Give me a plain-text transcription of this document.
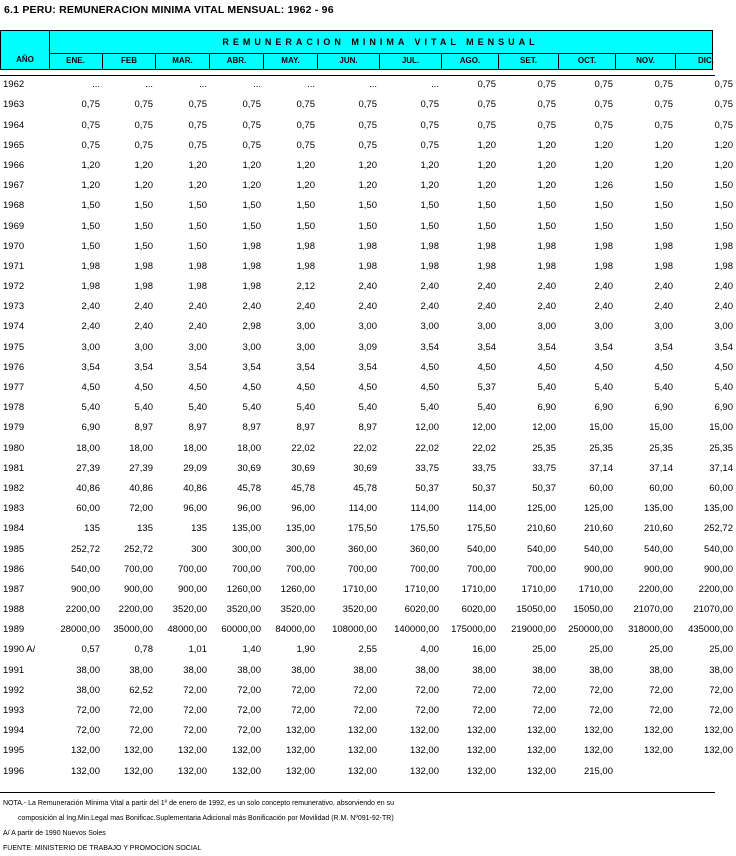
6.1 PERU: REMUNERACION MINIMA VITAL MENSUAL: 1962 - 96
AÑO
REMUNERACION MINIMA VITAL MENSUAL
ENE.	FEB	MAR.	ABR.	MAY.	JUN.	JUL.	AGO.	SET.	OCT.	NOV.	DIC.
1962	...	...	...	...	...	...	...	0,75	0,75	0,75	0,75	0,75
1963	0,75	0,75	0,75	0,75	0,75	0,75	0,75	0,75	0,75	0,75	0,75	0,75
1964	0,75	0,75	0,75	0,75	0,75	0,75	0,75	0,75	0,75	0,75	0,75	0,75
1965	0,75	0,75	0,75	0,75	0,75	0,75	0,75	1,20	1,20	1,20	1,20	1,20
1966	1,20	1,20	1,20	1,20	1,20	1,20	1,20	1,20	1,20	1,20	1,20	1,20
1967	1,20	1,20	1,20	1,20	1,20	1,20	1,20	1,20	1,20	1,26	1,50	1,50
1968	1,50	1,50	1,50	1,50	1,50	1,50	1,50	1,50	1,50	1,50	1,50	1,50
1969	1,50	1,50	1,50	1,50	1,50	1,50	1,50	1,50	1,50	1,50	1,50	1,50
1970	1,50	1,50	1,50	1,98	1,98	1,98	1,98	1,98	1,98	1,98	1,98	1,98
1971	1,98	1,98	1,98	1,98	1,98	1,98	1,98	1,98	1,98	1,98	1,98	1,98
1972	1,98	1,98	1,98	1,98	2,12	2,40	2,40	2,40	2,40	2,40	2,40	2,40
1973	2,40	2,40	2,40	2,40	2,40	2,40	2,40	2,40	2,40	2,40	2,40	2,40
1974	2,40	2,40	2,40	2,98	3,00	3,00	3,00	3,00	3,00	3,00	3,00	3,00
1975	3,00	3,00	3,00	3,00	3,00	3,09	3,54	3,54	3,54	3,54	3,54	3,54
1976	3,54	3,54	3,54	3,54	3,54	3,54	4,50	4,50	4,50	4,50	4,50	4,50
1977	4,50	4,50	4,50	4,50	4,50	4,50	4,50	5,37	5,40	5,40	5,40	5,40
1978	5,40	5,40	5,40	5,40	5,40	5,40	5,40	5,40	6,90	6,90	6,90	6,90
1979	6,90	8,97	8,97	8,97	8,97	8,97	12,00	12,00	12,00	15,00	15,00	15,00
1980	18,00	18,00	18,00	18,00	22,02	22,02	22,02	22,02	25,35	25,35	25,35	25,35
1981	27,39	27,39	29,09	30,69	30,69	30,69	33,75	33,75	33,75	37,14	37,14	37,14
1982	40,86	40,86	40,86	45,78	45,78	45,78	50,37	50,37	50,37	60,00	60,00	60,00
1983	60,00	72,00	96,00	96,00	96,00	114,00	114,00	114,00	125,00	125,00	135,00	135,00
1984	135	135	135	135,00	135,00	175,50	175,50	175,50	210,60	210,60	210,60	252,72
1985	252,72	252,72	300	300,00	300,00	360,00	360,00	540,00	540,00	540,00	540,00	540,00
1986	540,00	700,00	700,00	700,00	700,00	700,00	700,00	700,00	700,00	900,00	900,00	900,00
1987	900,00	900,00	900,00	1260,00	1260,00	1710,00	1710,00	1710,00	1710,00	1710,00	2200,00	2200,00
1988	2200,00	2200,00	3520,00	3520,00	3520,00	3520,00	6020,00	6020,00	15050,00	15050,00	21070,00	21070,00
1989	28000,00	35000,00	48000,00	60000,00	84000,00	108000,00	140000,00	175000,00	219000,00	250000,00	318000,00	435000,00
1990 A/	0,57	0,78	1,01	1,40	1,90	2,55	4,00	16,00	25,00	25,00	25,00	25,00
1991	38,00	38,00	38,00	38,00	38,00	38,00	38,00	38,00	38,00	38,00	38,00	38,00
1992	38,00	62,52	72,00	72,00	72,00	72,00	72,00	72,00	72,00	72,00	72,00	72,00
1993	72,00	72,00	72,00	72,00	72,00	72,00	72,00	72,00	72,00	72,00	72,00	72,00
1994	72,00	72,00	72,00	72,00	132,00	132,00	132,00	132,00	132,00	132,00	132,00	132,00
1995	132,00	132,00	132,00	132,00	132,00	132,00	132,00	132,00	132,00	132,00	132,00	132,00
1996	132,00	132,00	132,00	132,00	132,00	132,00	132,00	132,00	132,00	215,00
NOTA.- La Remuneración Mínima Vital a partir del 1º de enero de 1992, es un solo concepto remunerativo, absorviendo en su
composición al Ing.Min.Legal mas Bonificac.Suplementaria Adicional más Bonificación por Movilidad (R.M. Nº091-92-TR)
A/ A partir de 1990 Nuevos Soles
FUENTE: MINISTERIO DE TRABAJO Y PROMOCION SOCIAL
